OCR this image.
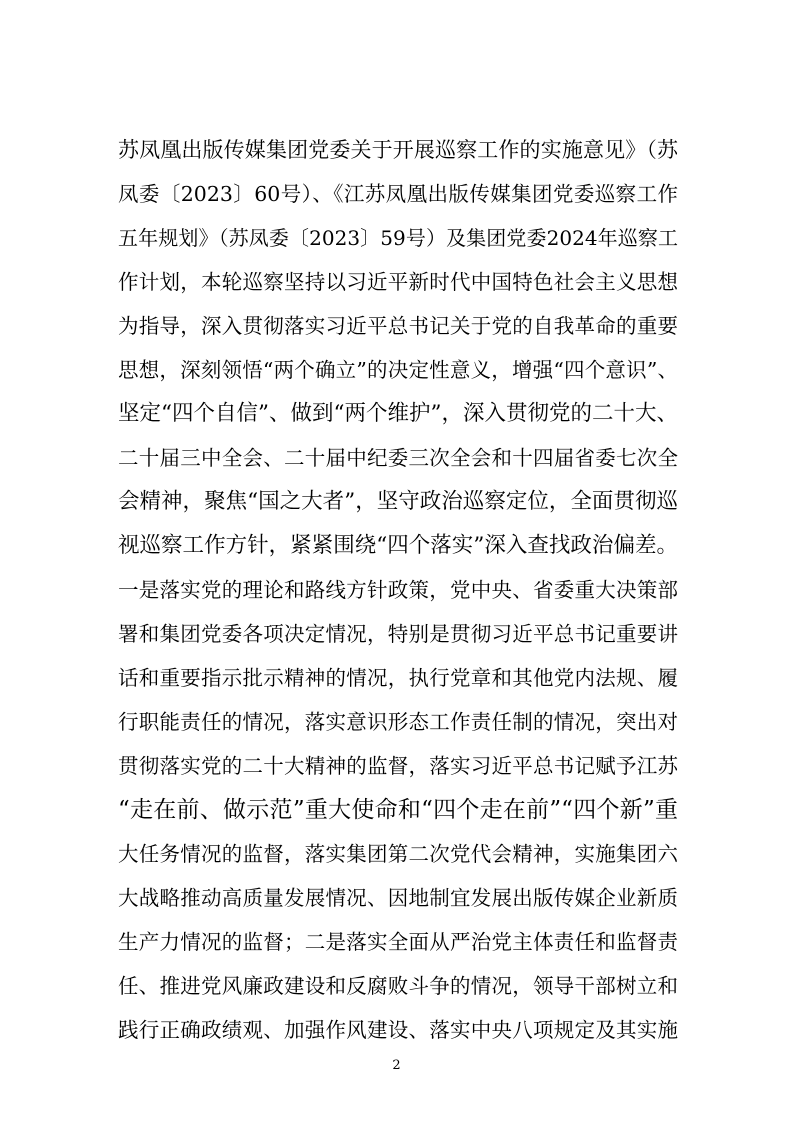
苏凤凰出版传媒集团党委关于开展巡察工作的实施意见》（苏
凤委〔2023〕60号）、《江苏凤凰出版传媒集团党委巡察工作
五年规划》（苏凤委〔2023〕59号）及集团党委2024年巡察工
作计划，本轮巡察坚持以习近平新时代中国特色社会主义思想
为指导，深入贯彻落实习近平总书记关于党的自我革命的重要
思想，深刻领悟“两个确立”的决定性意义，增强“四个意识”、
坚定“四个自信”、做到“两个维护”，深入贯彻党的二十大、
二十届三中全会、二十届中纪委三次全会和十四届省委七次全
会精神，聚焦“国之大者”，坚守政治巡察定位，全面贯彻巡
视巡察工作方针，紧紧围绕“四个落实”深入查找政治偏差。
一是落实党的理论和路线方针政策，党中央、省委重大决策部
署和集团党委各项决定情况，特别是贯彻习近平总书记重要讲
话和重要指示批示精神的情况，执行党章和其他党内法规、履
行职能责任的情况，落实意识形态工作责任制的情况，突出对
贯彻落实党的二十大精神的监督，落实习近平总书记赋予江苏
“走在前、做示范”重大使命和“四个走在前”“四个新”重
大任务情况的监督，落实集团第二次党代会精神，实施集团六
大战略推动高质量发展情况、因地制宜发展出版传媒企业新质
生产力情况的监督；二是落实全面从严治党主体责任和监督责
任、推进党风廉政建设和反腐败斗争的情况，领导干部树立和
践行正确政绩观、加强作风建设、落实中央八项规定及其实施
2
